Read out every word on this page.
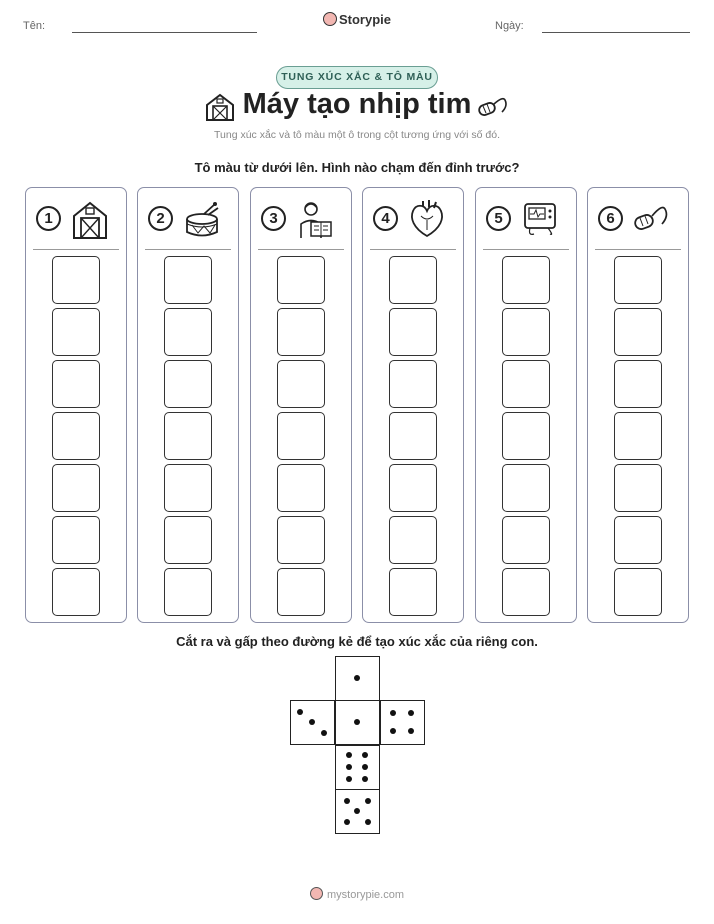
Tên:	Storypie	Ngày:
TUNG XÚC XẮC & TÔ MÀU
Máy tạo nhịp tim
Tung xúc xắc và tô màu một ô trong cột tương ứng với số đó.
Tô màu từ dưới lên. Hình nào chạm đến đỉnh trước?
1	2	3	4	5	6
Cắt ra và gấp theo đường kẻ để tạo xúc xắc của riêng con.
mystorypie.com
